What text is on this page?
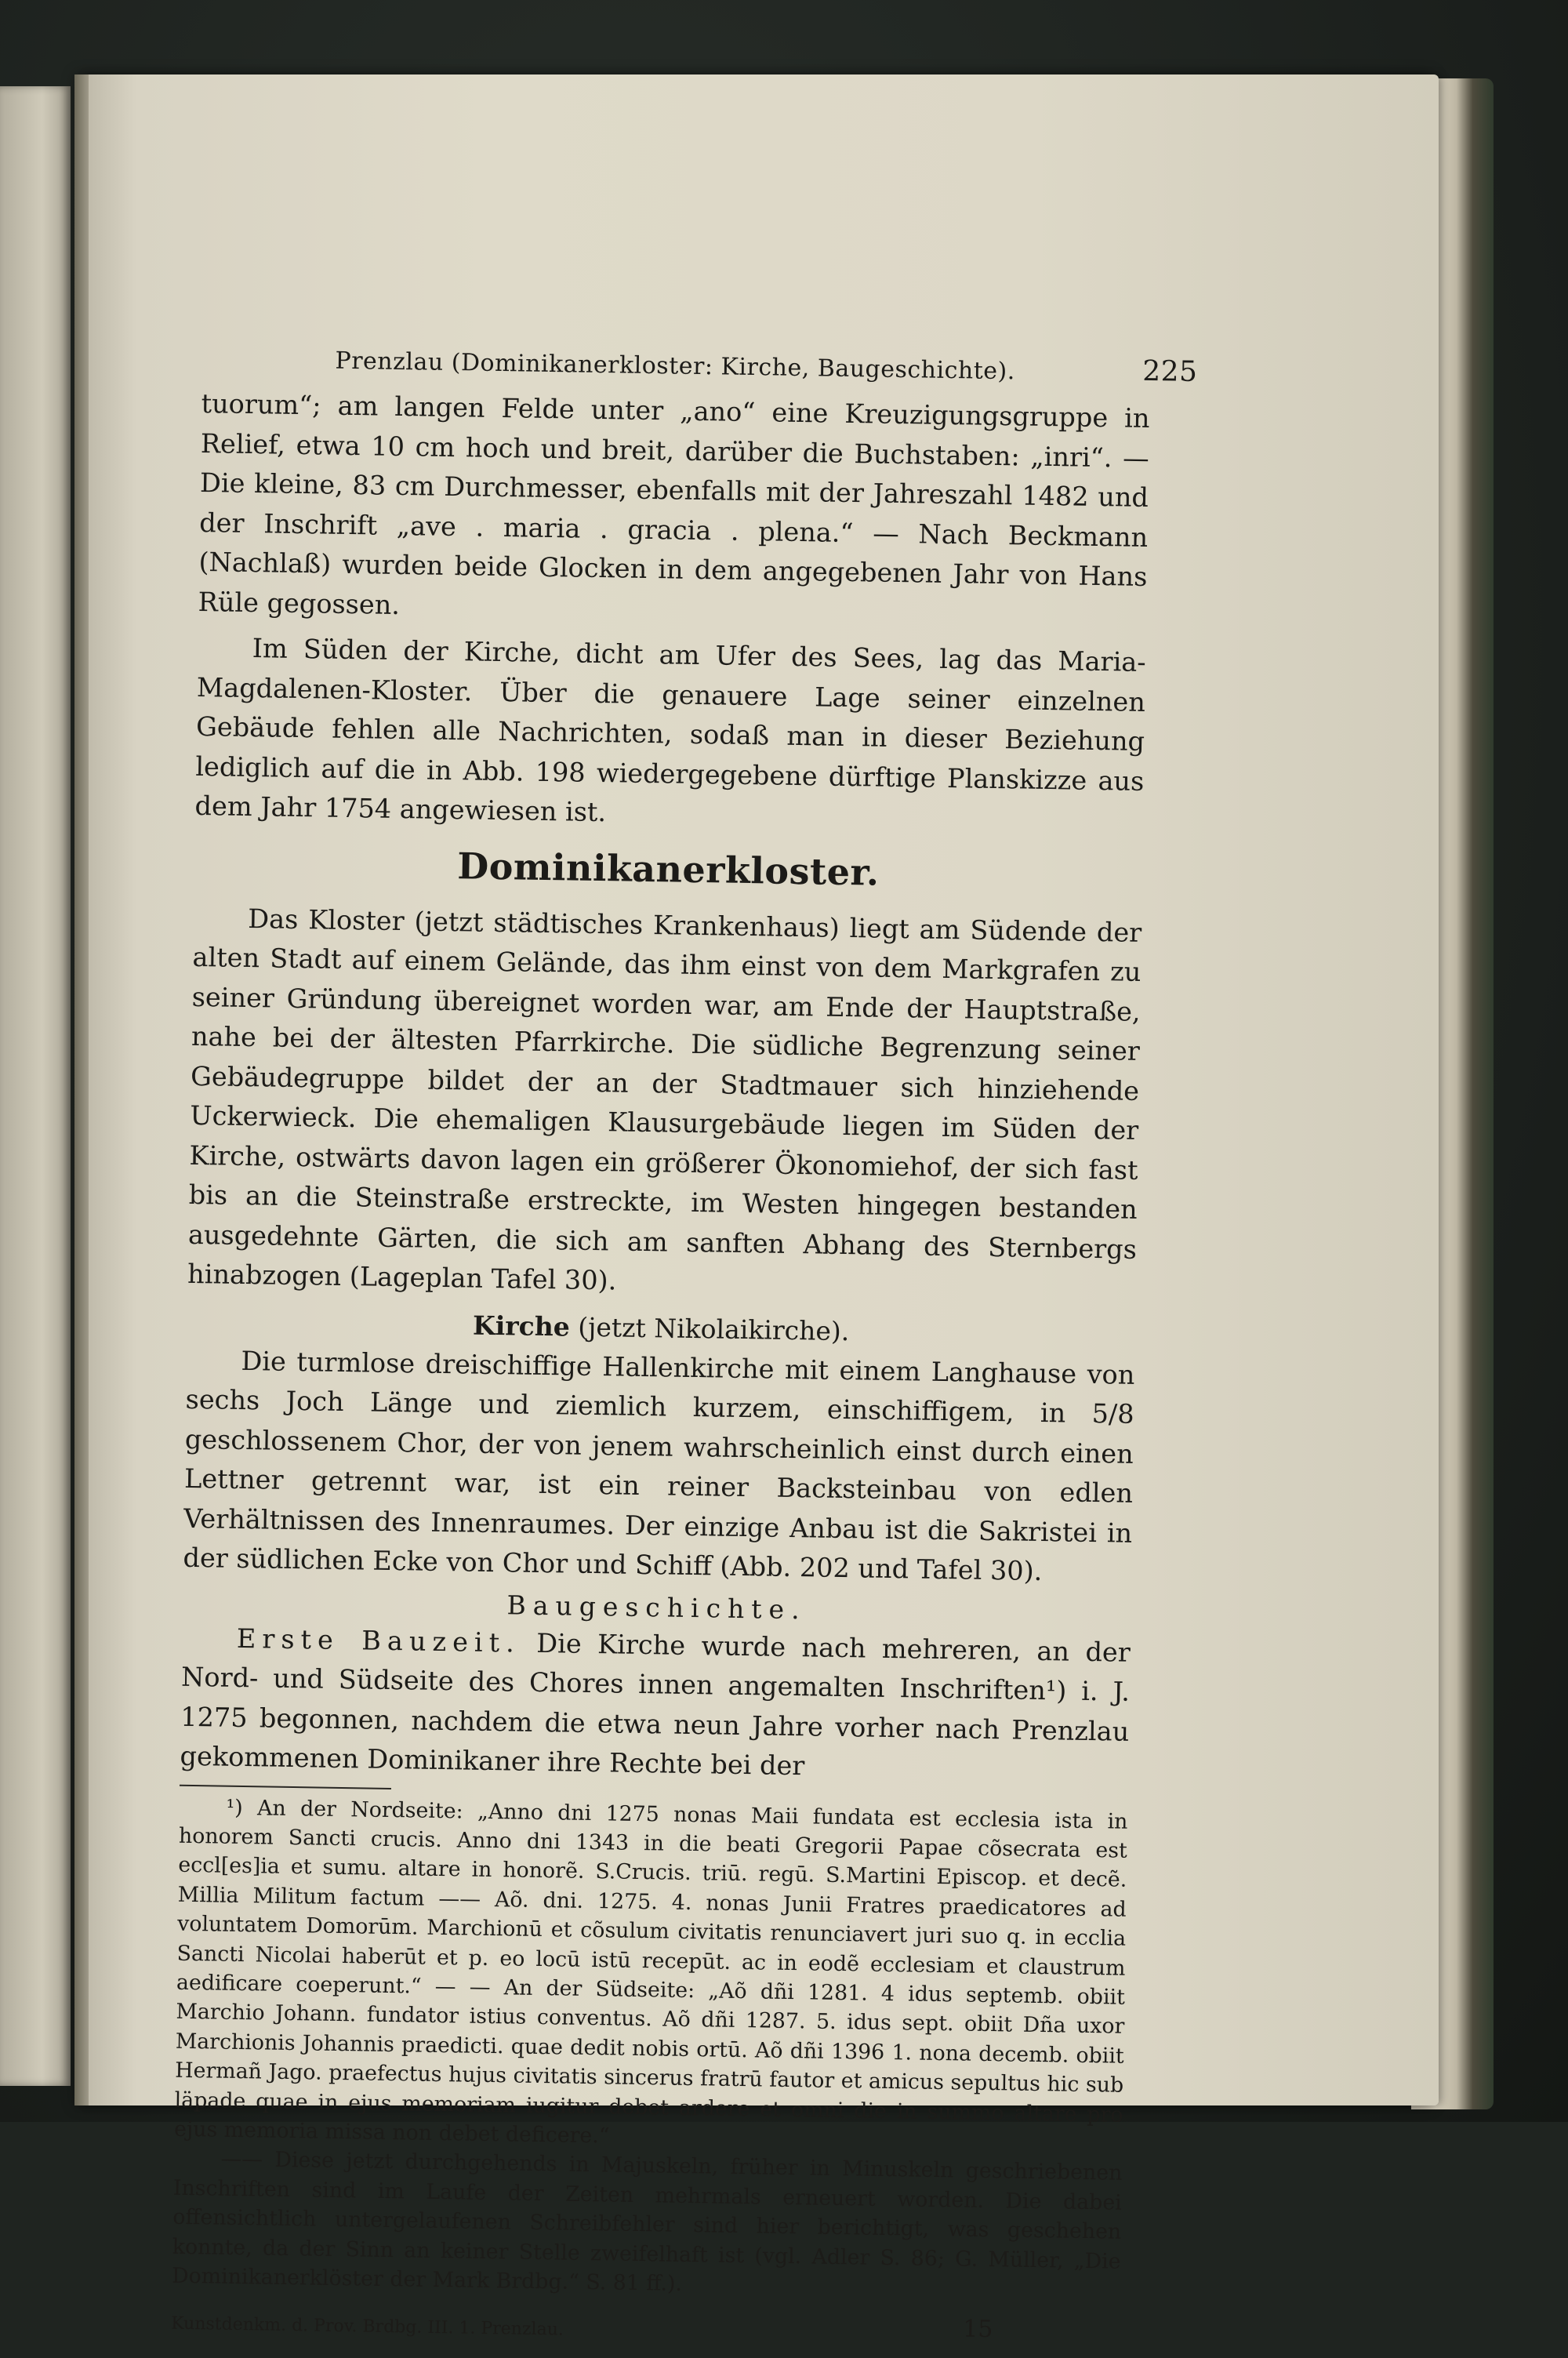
Prenzlau (Dominikanerkloster: Kirche, Baugeschichte).	225

tuorum“; am langen Felde unter „ano“ eine Kreuzigungsgruppe in Relief, etwa 10 cm hoch und breit, darüber die Buchstaben: „inri“. — Die kleine, 83 cm Durchmesser, ebenfalls mit der Jahreszahl 1482 und der Inschrift „ave . maria . gracia . plena.“ — Nach Beckmann (Nachlaß) wurden beide Glocken in dem angegebenen Jahr von Hans Rüle gegossen.

Im Süden der Kirche, dicht am Ufer des Sees, lag das Maria-Magdalenen-Kloster. Über die genauere Lage seiner einzelnen Gebäude fehlen alle Nachrichten, sodaß man in dieser Beziehung lediglich auf die in Abb. 198 wiedergegebene dürftige Planskizze aus dem Jahr 1754 angewiesen ist.

Dominikanerkloster.

Das Kloster (jetzt städtisches Krankenhaus) liegt am Südende der alten Stadt auf einem Gelände, das ihm einst von dem Markgrafen zu seiner Gründung übereignet worden war, am Ende der Hauptstraße, nahe bei der ältesten Pfarrkirche. Die südliche Begrenzung seiner Gebäudegruppe bildet der an der Stadtmauer sich hinziehende Uckerwieck. Die ehemaligen Klausurgebäude liegen im Süden der Kirche, ostwärts davon lagen ein größerer Ökonomiehof, der sich fast bis an die Steinstraße erstreckte, im Westen hingegen bestanden ausgedehnte Gärten, die sich am sanften Abhang des Sternbergs hinabzogen (Lageplan Tafel 30).

Kirche (jetzt Nikolaikirche).

Die turmlose dreischiffige Hallenkirche mit einem Langhause von sechs Joch Länge und ziemlich kurzem, einschiffigem, in 5/8 geschlossenem Chor, der von jenem wahrscheinlich einst durch einen Lettner getrennt war, ist ein reiner Backsteinbau von edlen Verhältnissen des Innenraumes. Der einzige Anbau ist die Sakristei in der südlichen Ecke von Chor und Schiff (Abb. 202 und Tafel 30).

Baugeschichte.

Erste Bauzeit. Die Kirche wurde nach mehreren, an der Nord- und Südseite des Chores innen angemalten Inschriften¹) i. J. 1275 begonnen, nachdem die etwa neun Jahre vorher nach Prenzlau gekommenen Dominikaner ihre Rechte bei der

¹) An der Nordseite: „Anno dni 1275 nonas Maii fundata est ecclesia ista in honorem Sancti crucis. Anno dni 1343 in die beati Gregorii Papae cõsecrata est eccl[es]ia et sumu. altare in honorẽ. S.Crucis. triū. regū. S.Martini Episcop. et decẽ. Millia Militum factum —— Aõ. dni. 1275. 4. nonas Junii Fratres praedicatores ad voluntatem Domorūm. Marchionū et cõsulum civitatis renunciavert juri suo q. in ecclia Sancti Nicolai haberūt et p. eo locū istū recepūt. ac in eodẽ ecclesiam et claustrum aedificare coeperunt.“ — — An der Südseite: „Aõ dñi 1281. 4 idus septemb. obiit Marchio Johann. fundator istius conventus. Aõ dñi 1287. 5. idus sept. obiit Dña uxor Marchionis Johannis praedicti. quae dedit nobis ortū. Aõ dñi 1396 1. nona decemb. obiit Hermañ Jago. praefectus hujus civitatis sincerus fratrū fautor et amicus sepultus hic sub läpade quae in ejus memoriam iugitur debet ardere et omni die in summo altare pro ejus memoria missa non debet deficere.“

—— Diese jetzt durchgehends in Majuskeln, früher in Minuskeln geschriebenen Inschriften sind im Laufe der Zeiten mehrmals erneuert worden. Die dabei offensichtlich untergelaufenen Schreibfehler sind hier berichtigt, was geschehen konnte, da der Sinn an keiner Stelle zweifelhaft ist (vgl. Adler S. 86; G. Müller, „Die Dominikanerklöster der Mark Brdbg.“ S. 81 ff.).

Kunstdenkm. d. Prov. Brdbg. III. 1. Prenzlau.	15
